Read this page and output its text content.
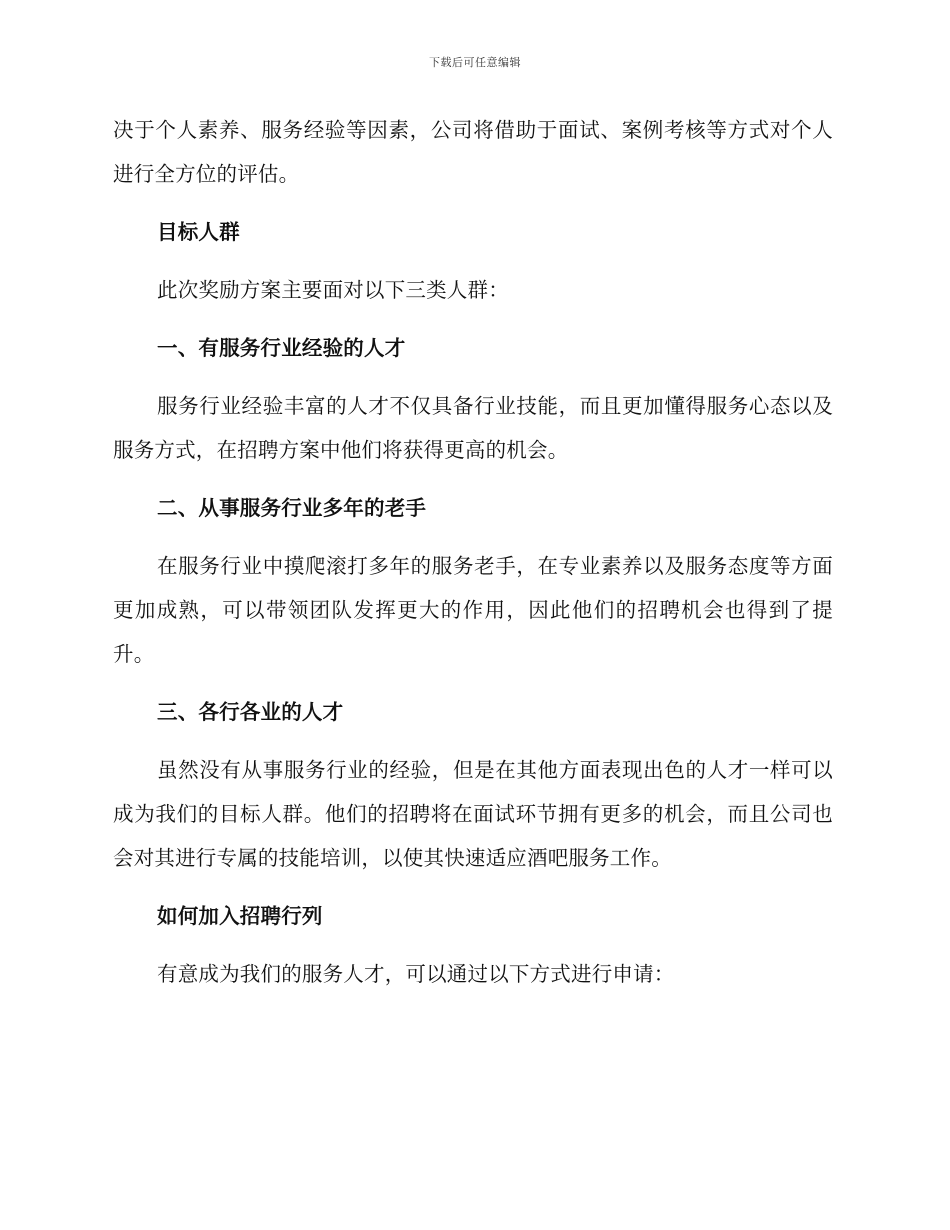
下载后可任意编辑

决于个人素养、服务经验等因素，公司将借助于面试、案例考核等方式对个人进行全方位的评估。

目标人群

此次奖励方案主要面对以下三类人群：

一、有服务行业经验的人才

服务行业经验丰富的人才不仅具备行业技能，而且更加懂得服务心态以及服务方式，在招聘方案中他们将获得更高的机会。

二、从事服务行业多年的老手

在服务行业中摸爬滚打多年的服务老手，在专业素养以及服务态度等方面更加成熟，可以带领团队发挥更大的作用，因此他们的招聘机会也得到了提升。

三、各行各业的人才

虽然没有从事服务行业的经验，但是在其他方面表现出色的人才一样可以成为我们的目标人群。他们的招聘将在面试环节拥有更多的机会，而且公司也会对其进行专属的技能培训，以使其快速适应酒吧服务工作。

如何加入招聘行列

有意成为我们的服务人才，可以通过以下方式进行申请：
